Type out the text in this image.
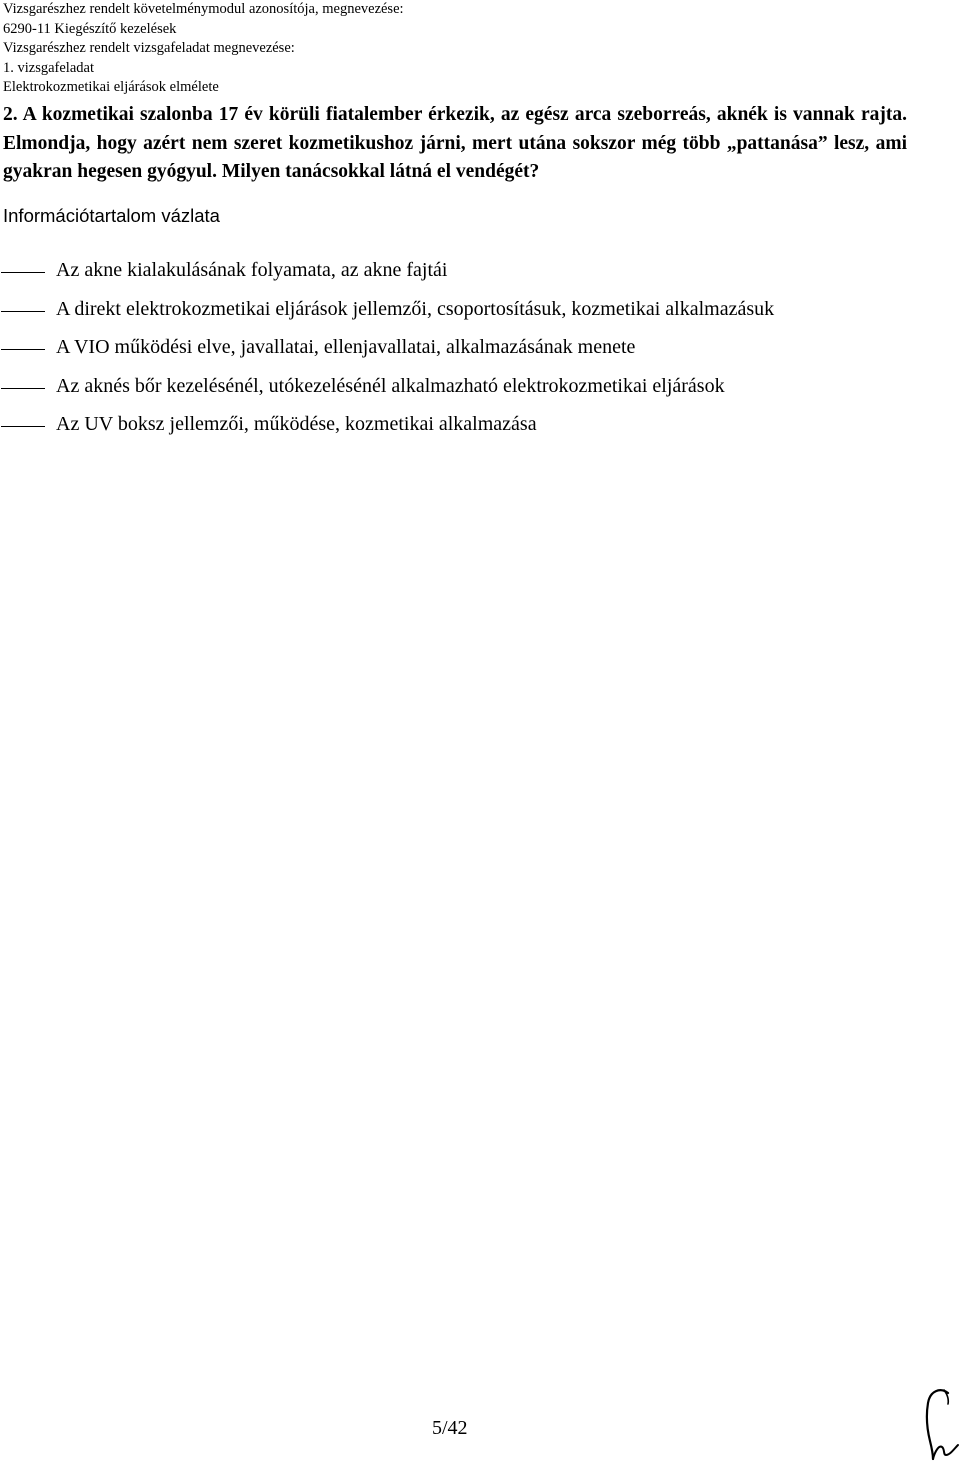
Vizsgarészhez rendelt követelménymodul azonosítója, megnevezése:
6290-11 Kiegészítő kezelések
Vizsgarészhez rendelt vizsgafeladat megnevezése:
1. vizsgafeladat
Elektrokozmetikai eljárások elmélete
2. A kozmetikai szalonba 17 év körüli fiatalember érkezik, az egész arca szeborreás, aknék is vannak rajta. Elmondja, hogy azért nem szeret kozmetikushoz járni, mert utána sokszor még több „pattanása” lesz, ami gyakran hegesen gyógyul. Milyen tanácsokkal látná el vendégét?
Információtartalom vázlata
Az akne kialakulásának folyamata, az akne fajtái
A direkt elektrokozmetikai eljárások jellemzői, csoportosításuk, kozmetikai alkalmazásuk
A VIO működési elve, javallatai, ellenjavallatai, alkalmazásának menete
Az aknés bőr kezelésénél, utókezelésénél alkalmazható elektrokozmetikai eljárások
Az UV boksz jellemzői, működése, kozmetikai alkalmazása
5/42
